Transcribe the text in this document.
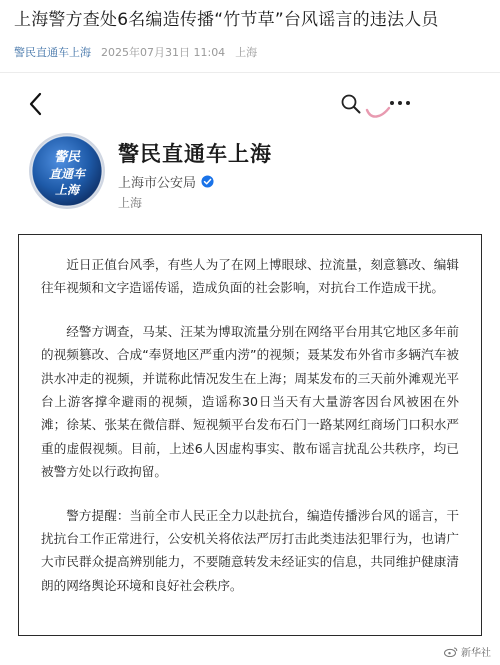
上海警方查处6名编造传播“竹节草”台风谣言的违法人员
警民直通车上海 2025年07月31日 11:04 上海
警民
直通车
上海
警民直通车上海
上海市公安局
上海

近日正值台风季，有些人为了在网上博眼球、拉流量，刻意篡改、编辑往年视频和文字造谣传谣，造成负面的社会影响，对抗台工作造成干扰。

经警方调查，马某、汪某为博取流量分别在网络平台用其它地区多年前的视频篡改、合成“奉贤地区严重内涝”的视频；聂某发布外省市多辆汽车被洪水冲走的视频，并谎称此情况发生在上海；周某发布的三天前外滩观光平台上游客撑伞避雨的视频，造谣称30日当天有大量游客因台风被困在外滩；徐某、张某在微信群、短视频平台发布石门一路某网红商场门口积水严重的虚假视频。目前，上述6人因虚构事实、散布谣言扰乱公共秩序，均已被警方处以行政拘留。

警方提醒：当前全市人民正全力以赴抗台，编造传播涉台风的谣言，干扰抗台工作正常进行，公安机关将依法严厉打击此类违法犯罪行为，也请广大市民群众提高辨别能力，不要随意转发未经证实的信息，共同维护健康清朗的网络舆论环境和良好社会秩序。

新华社
